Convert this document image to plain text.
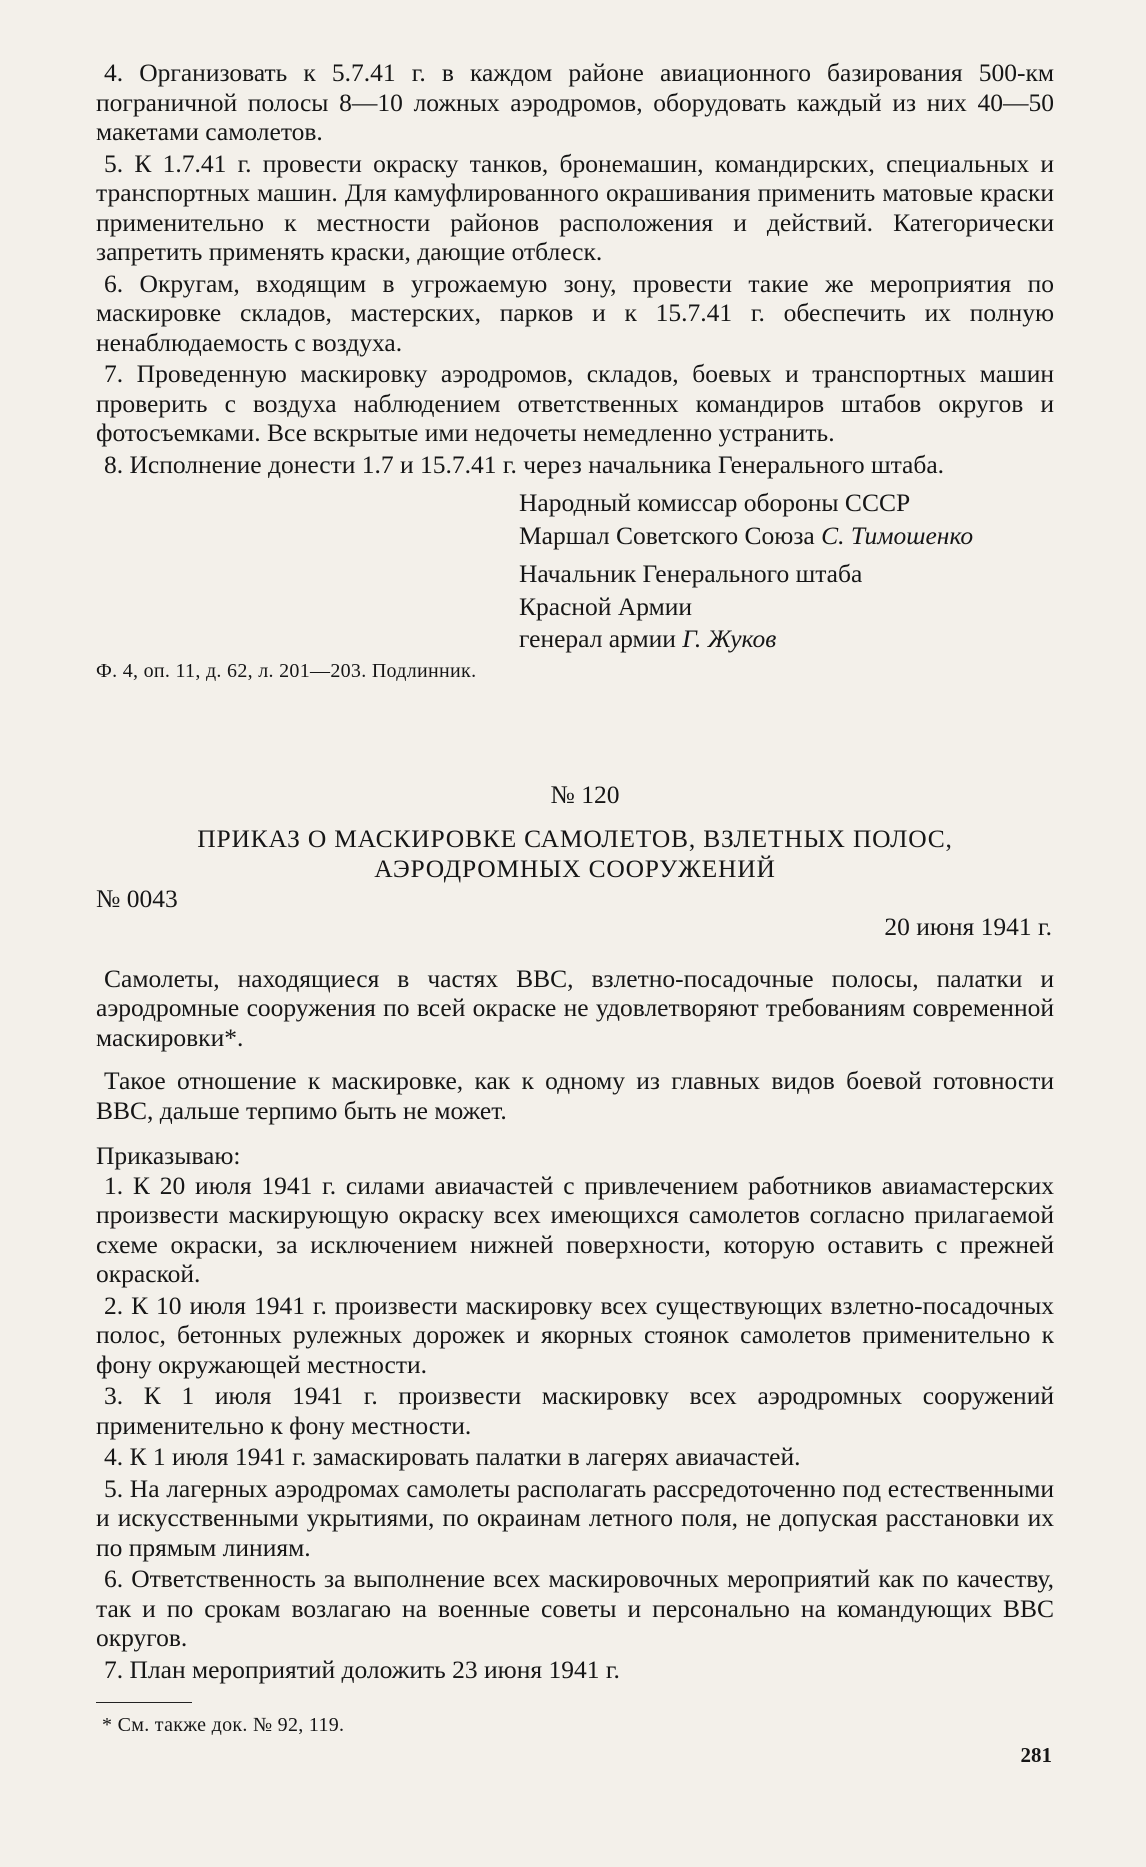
4. Организовать к 5.7.41 г. в каждом районе авиационного базирования 500-км пограничной полосы 8—10 ложных аэродромов, оборудовать каждый из них 40—50 макетами самолетов.

5. К 1.7.41 г. провести окраску танков, бронемашин, командирских, специальных и транспортных машин. Для камуфлированного окрашивания применить матовые краски применительно к местности районов расположения и действий. Категорически запретить применять краски, дающие отблеск.

6. Округам, входящим в угрожаемую зону, провести такие же мероприятия по маскировке складов, мастерских, парков и к 15.7.41 г. обеспечить их полную ненаблюдаемость с воздуха.

7. Проведенную маскировку аэродромов, складов, боевых и транспортных машин проверить с воздуха наблюдением ответственных командиров штабов округов и фотосъемками. Все вскрытые ими недочеты немедленно устранить.

8. Исполнение донести 1.7 и 15.7.41 г. через начальника Генерального штаба.

Народный комиссар обороны СССР
Маршал Советского Союза С. Тимошенко
Начальник Генерального штаба
Красной Армии
генерал армии Г. Жуков
Ф. 4, оп. 11, д. 62, л. 201—203. Подлинник.
№ 120
ПРИКАЗ О МАСКИРОВКЕ САМОЛЕТОВ, ВЗЛЕТНЫХ ПОЛОС,
АЭРОДРОМНЫХ СООРУЖЕНИЙ
№ 0043
20 июня 1941 г.

Самолеты, находящиеся в частях ВВС, взлетно-посадочные полосы, палатки и аэродромные сооружения по всей окраске не удовлетворяют требованиям современной маскировки*.

Такое отношение к маскировке, как к одному из главных видов боевой готовности ВВС, дальше терпимо быть не может.

Приказываю:

1. К 20 июля 1941 г. силами авиачастей с привлечением работников авиамастерских произвести маскирующую окраску всех имеющихся самолетов согласно прилагаемой схеме окраски, за исключением нижней поверхности, которую оставить с прежней окраской.

2. К 10 июля 1941 г. произвести маскировку всех существующих взлетно-посадочных полос, бетонных рулежных дорожек и якорных стоянок самолетов применительно к фону окружающей местности.

3. К 1 июля 1941 г. произвести маскировку всех аэродромных сооружений применительно к фону местности.

4. К 1 июля 1941 г. замаскировать палатки в лагерях авиачастей.

5. На лагерных аэродромах самолеты располагать рассредоточенно под естественными и искусственными укрытиями, по окраинам летного поля, не допуская расстановки их по прямым линиям.

6. Ответственность за выполнение всех маскировочных мероприятий как по качеству, так и по срокам возлагаю на военные советы и персонально на командующих ВВС округов.

7. План мероприятий доложить 23 июня 1941 г.

* См. также док. № 92, 119.
281
